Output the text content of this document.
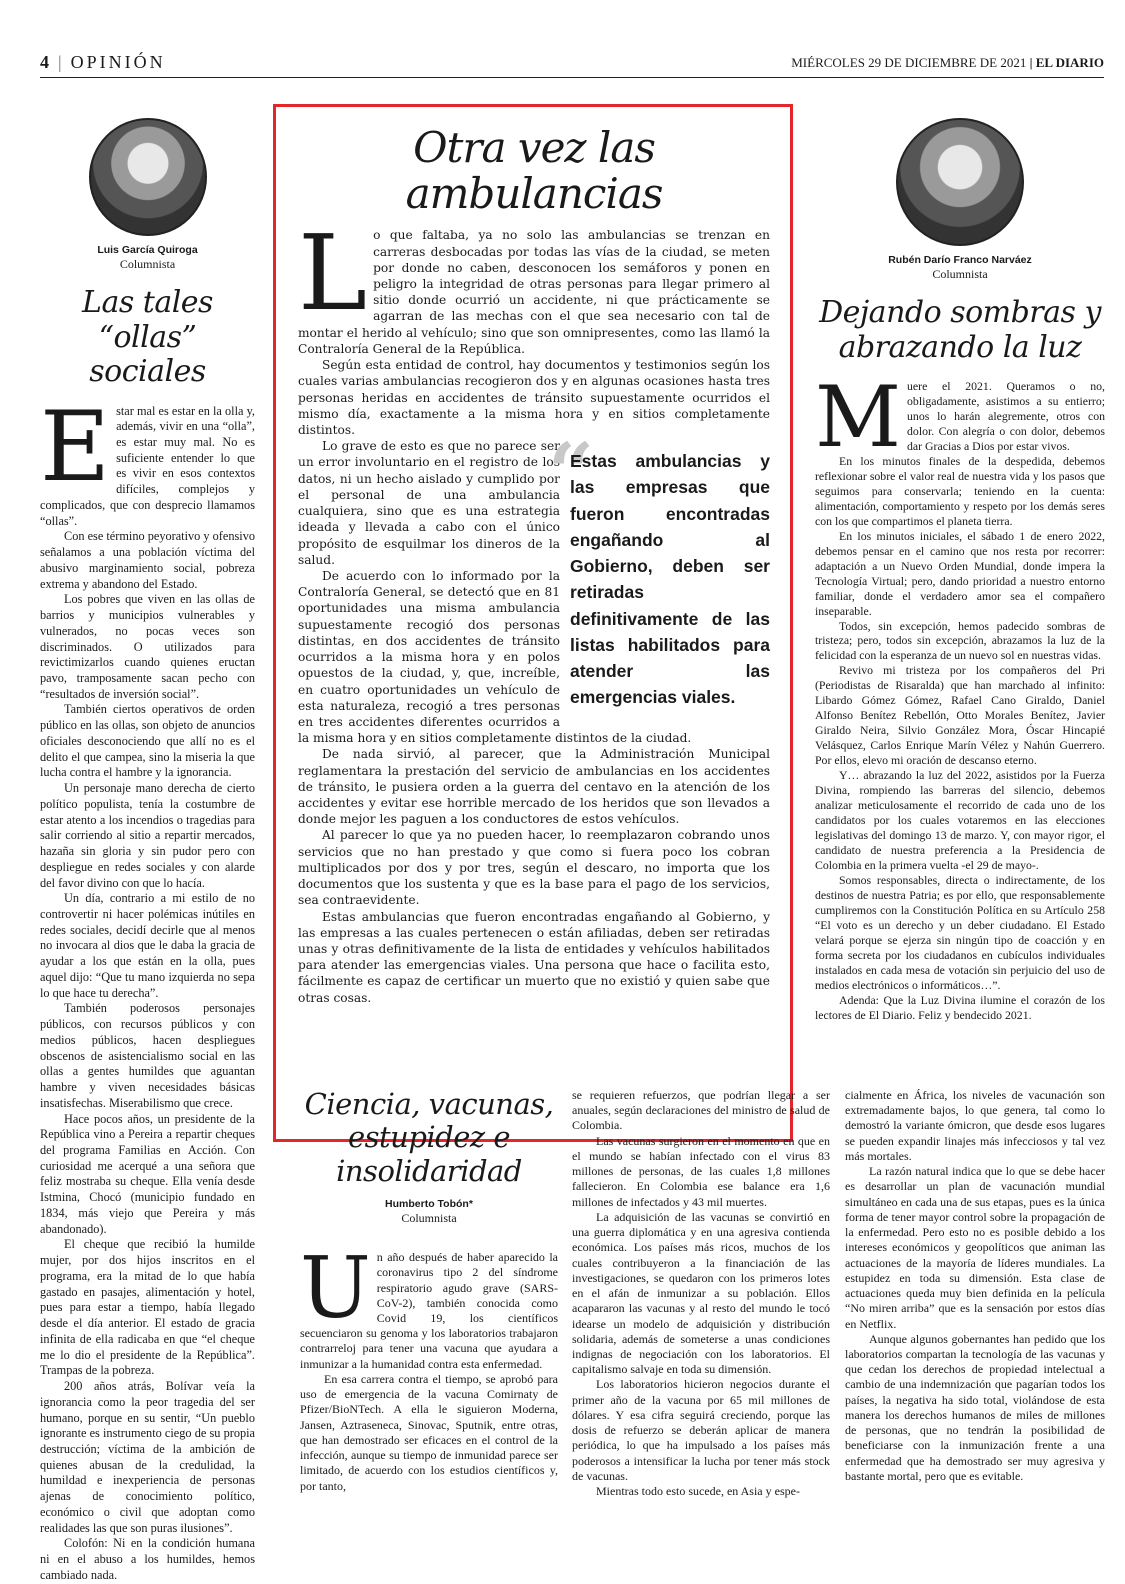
4 | OPINIÓN	MIÉRCOLES 29 DE DICIEMBRE DE 2021 | EL DIARIO
Luis García Quiroga
Columnista
Las tales “ollas” sociales
E star mal es estar en la olla y, además, vivir en una “olla”, es estar muy mal. No es suficiente entender lo que es vivir en esos contextos difíciles, complejos y complicados, que con desprecio llamamos “ollas”.

Con ese término peyorativo y ofensivo señalamos a una población víctima del abusivo marginamiento social, pobreza extrema y abandono del Estado.

Los pobres que viven en las ollas de barrios y municipios vulnerables y vulnerados, no pocas veces son discriminados. O utilizados para revictimizarlos cuando quienes eructan pavo, tramposamente sacan pecho con “resultados de inversión social”.

También ciertos operativos de orden público en las ollas, son objeto de anuncios oficiales desconociendo que allí no es el delito el que campea, sino la miseria la que lucha contra el hambre y la ignorancia.

Un personaje mano derecha de cierto político populista, tenía la costumbre de estar atento a los incendios o tragedias para salir corriendo al sitio a repartir mercados, hazaña sin gloria y sin pudor pero con despliegue en redes sociales y con alarde del favor divino con que lo hacía.

Un día, contrario a mi estilo de no controvertir ni hacer polémicas inútiles en redes sociales, decidí decirle que al menos no invocara al dios que le daba la gracia de ayudar a los que están en la olla, pues aquel dijo: “Que tu mano izquierda no sepa lo que hace tu derecha”.

También poderosos personajes públicos, con recursos públicos y con medios públicos, hacen despliegues obscenos de asistencialismo social en las ollas a gentes humildes que aguantan hambre y viven necesidades básicas insatisfechas. Miserabilismo que crece.

Hace pocos años, un presidente de la República vino a Pereira a repartir cheques del programa Familias en Acción. Con curiosidad me acerqué a una señora que feliz mostraba su cheque. Ella venía desde Istmina, Chocó (municipio fundado en 1834, más viejo que Pereira y más abandonado).

El cheque que recibió la humilde mujer, por dos hijos inscritos en el programa, era la mitad de lo que había gastado en pasajes, alimentación y hotel, pues para estar a tiempo, había llegado desde el día anterior. El estado de gracia infinita de ella radicaba en que “el cheque me lo dio el presidente de la República”. Trampas de la pobreza.

200 años atrás, Bolívar veía la ignorancia como la peor tragedia del ser humano, porque en su sentir, “Un pueblo ignorante es instrumento ciego de su propia destrucción; víctima de la ambición de quienes abusan de la credulidad, la humildad e inexperiencia de personas ajenas de conocimiento político, económico o civil que adoptan como realidades las que son puras ilusiones”.

Colofón: Ni en la condición humana ni en el abuso a los humildes, hemos cambiado nada.

Otra vez las ambulancias
L o que faltaba, ya no solo las ambulancias se trenzan en carreras desbocadas por todas las vías de la ciudad, se meten por donde no caben, desconocen los semáforos y ponen en peligro la integridad de otras personas para llegar primero al sitio donde ocurrió un accidente, ni que prácticamente se agarran de las mechas con el que sea necesario con tal de montar el herido al vehículo; sino que son omnipresentes, como las llamó la Contraloría General de la República.

Según esta entidad de control, hay documentos y testimonios según los cuales varias ambulancias recogieron dos y en algunas ocasiones hasta tres personas heridas en accidentes de tránsito supuestamente ocurridos el mismo día, exactamente a la misma hora y en sitios completamente distintos.	“
Estas ambulancias y las empresas que fueron encontradas engañando al Gobierno, deben ser retiradas definitivamente de las listas habilitados para atender las emergencias viales.

Lo grave de esto es que no parece ser un error involuntario en el registro de los datos, ni un hecho aislado y cumplido por el personal de una ambulancia cualquiera, sino que es una estrategia ideada y llevada a cabo con el único propósito de esquilmar los dineros de la salud.

De acuerdo con lo informado por la Contraloría General, se detectó que en 81 oportunidades una misma ambulancia supuestamente recogió dos personas distintas, en dos accidentes de tránsito ocurridos a la misma hora y en polos opuestos de la ciudad, y, que, increíble, en cuatro oportunidades un vehículo de esta naturaleza, recogió a tres personas en tres accidentes diferentes ocurridos a la misma hora y en sitios completamente distintos de la ciudad.

De nada sirvió, al parecer, que la Administración Municipal reglamentara la prestación del servicio de ambulancias en los accidentes de tránsito, le pusiera orden a la guerra del centavo en la atención de los accidentes y evitar ese horrible mercado de los heridos que son llevados a donde mejor les paguen a los conductores de estos vehículos.

Al parecer lo que ya no pueden hacer, lo reemplazaron cobrando unos servicios que no han prestado y que como si fuera poco los cobran multiplicados por dos y por tres, según el descaro, no importa que los documentos que los sustenta y que es la base para el pago de los servicios, sea contraevidente.

Estas ambulancias que fueron encontradas engañando al Gobierno, y las empresas a las cuales pertenecen o están afiliadas, deben ser retiradas unas y otras definitivamente de la lista de entidades y vehículos habilitados para atender las emergencias viales. Una persona que hace o facilita esto, fácilmente es capaz de certificar un muerto que no existió y quien sabe que otras cosas.

Rubén Darío Franco Narváez
Columnista
Dejando sombras y abrazando la luz
M uere el 2021. Queramos o no, obligadamente, asistimos a su entierro; unos lo harán alegremente, otros con dolor. Con alegría o con dolor, debemos dar Gracias a Dios por estar vivos.

En los minutos finales de la despedida, debemos reflexionar sobre el valor real de nuestra vida y los pasos que seguimos para conservarla; teniendo en la cuenta: alimentación, comportamiento y respeto por los demás seres con los que compartimos el planeta tierra.

En los minutos iniciales, el sábado 1 de enero 2022, debemos pensar en el camino que nos resta por recorrer: adaptación a un Nuevo Orden Mundial, donde impera la Tecnología Virtual; pero, dando prioridad a nuestro entorno familiar, donde el verdadero amor sea el compañero inseparable.

Todos, sin excepción, hemos padecido sombras de tristeza; pero, todos sin excepción, abrazamos la luz de la felicidad con la esperanza de un nuevo sol en nuestras vidas.

Revivo mi tristeza por los compañeros del Pri (Periodistas de Risaralda) que han marchado al infinito: Libardo Gómez Gómez, Rafael Cano Giraldo, Daniel Alfonso Benítez Rebellón, Otto Morales Benítez, Javier Giraldo Neira, Silvio González Mora, Óscar Hincapié Velásquez, Carlos Enrique Marín Vélez y Nahún Guerrero. Por ellos, elevo mi oración de descanso eterno.

Y… abrazando la luz del 2022, asistidos por la Fuerza Divina, rompiendo las barreras del silencio, debemos analizar meticulosamente el recorrido de cada uno de los candidatos por los cuales votaremos en las elecciones legislativas del domingo 13 de marzo. Y, con mayor rigor, el candidato de nuestra preferencia a la Presidencia de Colombia en la primera vuelta -el 29 de mayo-.

Somos responsables, directa o indirectamente, de los destinos de nuestra Patria; es por ello, que responsablemente cumpliremos con la Constitución Política en su Artículo 258 “El voto es un derecho y un deber ciudadano. El Estado velará porque se ejerza sin ningún tipo de coacción y en forma secreta por los ciudadanos en cubículos individuales instalados en cada mesa de votación sin perjuicio del uso de medios electrónicos o informáticos…”.

Adenda: Que la Luz Divina ilumine el corazón de los lectores de El Diario. Feliz y bendecido 2021.

Ciencia, vacunas, estupidez e insolidaridad
Humberto Tobón*
Columnista
U n año después de haber aparecido la coronavirus tipo 2 del síndrome respiratorio agudo grave (SARS-CoV-2), también conocida como Covid 19, los científicos secuenciaron su genoma y los laboratorios trabajaron contrarreloj para tener una vacuna que ayudara a inmunizar a la humanidad contra esta enfermedad.

En esa carrera contra el tiempo, se aprobó para uso de emergencia de la vacuna Comirnaty de Pfizer/BioNTech. A ella le siguieron Moderna, Jansen, Aztraseneca, Sinovac, Sputnik, entre otras, que han demostrado ser eficaces en el control de la infección, aunque su tiempo de inmunidad parece ser limitado, de acuerdo con los estudios científicos y, por tanto,

se requieren refuerzos, que podrían llegar a ser anuales, según declaraciones del ministro de salud de Colombia.

Las vacunas surgieron en el momento en que en el mundo se habían infectado con el virus 83 millones de personas, de las cuales 1,8 millones fallecieron. En Colombia ese balance era 1,6 millones de infectados y 43 mil muertes.

La adquisición de las vacunas se convirtió en una guerra diplomática y en una agresiva contienda económica. Los países más ricos, muchos de los cuales contribuyeron a la financiación de las investigaciones, se quedaron con los primeros lotes en el afán de inmunizar a su población. Ellos acapararon las vacunas y al resto del mundo le tocó idearse un modelo de adquisición y distribución solidaria, además de someterse a unas condiciones indignas de negociación con los laboratorios. El capitalismo salvaje en toda su dimensión.

Los laboratorios hicieron negocios durante el primer año de la vacuna por 65 mil millones de dólares. Y esa cifra seguirá creciendo, porque las dosis de refuerzo se deberán aplicar de manera periódica, lo que ha impulsado a los países más poderosos a intensificar la lucha por tener más stock de vacunas.

Mientras todo esto sucede, en Asia y espe-

cialmente en África, los niveles de vacunación son extremadamente bajos, lo que genera, tal como lo demostró la variante ómicron, que desde esos lugares se pueden expandir linajes más infecciosos y tal vez más mortales.

La razón natural indica que lo que se debe hacer es desarrollar un plan de vacunación mundial simultáneo en cada una de sus etapas, pues es la única forma de tener mayor control sobre la propagación de la enfermedad. Pero esto no es posible debido a los intereses económicos y geopolíticos que animan las actuaciones de la mayoría de líderes mundiales. La estupidez en toda su dimensión. Esta clase de actuaciones queda muy bien definida en la película “No miren arriba” que es la sensación por estos días en Netflix.

Aunque algunos gobernantes han pedido que los laboratorios compartan la tecnología de las vacunas y que cedan los derechos de propiedad intelectual a cambio de una indemnización que pagarían todos los países, la negativa ha sido total, violándose de esta manera los derechos humanos de miles de millones de personas, que no tendrán la posibilidad de beneficiarse con la inmunización frente a una enfermedad que ha demostrado ser muy agresiva y bastante mortal, pero que es evitable.
